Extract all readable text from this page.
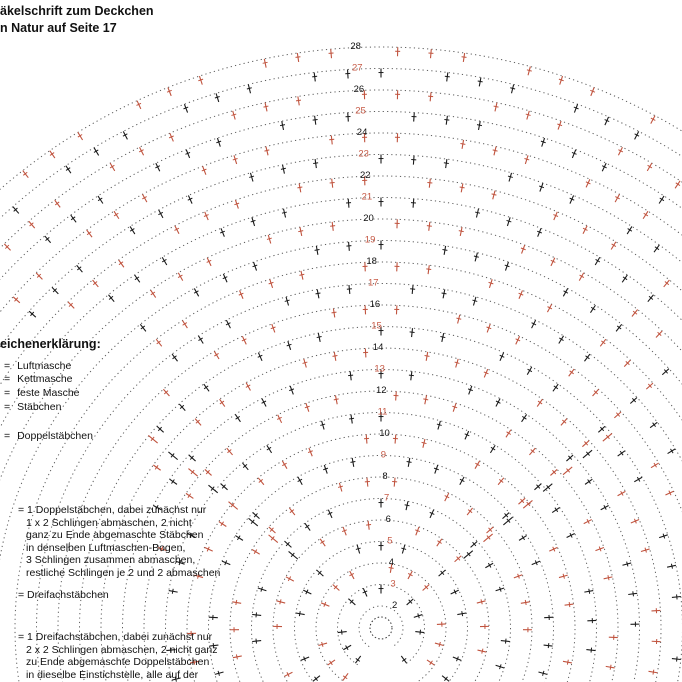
äkelschrift zum Deckchen
n Natur auf Seite 17
2
3
4
5
6
7
8
9
10
11
12
13
14
15
16
17
18
19
20
21
22
23
24
25
26
27
28
eichenerklärung:
= Luftmasche
= Kettmasche
= feste Masche
= Stäbchen
= Doppelstäbchen
= 1 Doppelstäbchen, dabei zunächst nur
1 x 2 Schlingen abmaschen, 2 nicht
ganz zu Ende abgemaschte Stäbchen
in denselben Luftmaschen-Bogen,
3 Schlingen zusammen abmaschen,
restliche Schlingen je 2 und 2 abmaschen
= Dreifachstäbchen
= 1 Dreifachstäbchen, dabei zunächst nur
2 x 2 Schlingen abmaschen, 2 nicht ganz
zu Ende abgemaschte Doppelstäbchen
in dieselbe Einstichstelle, alle auf der
